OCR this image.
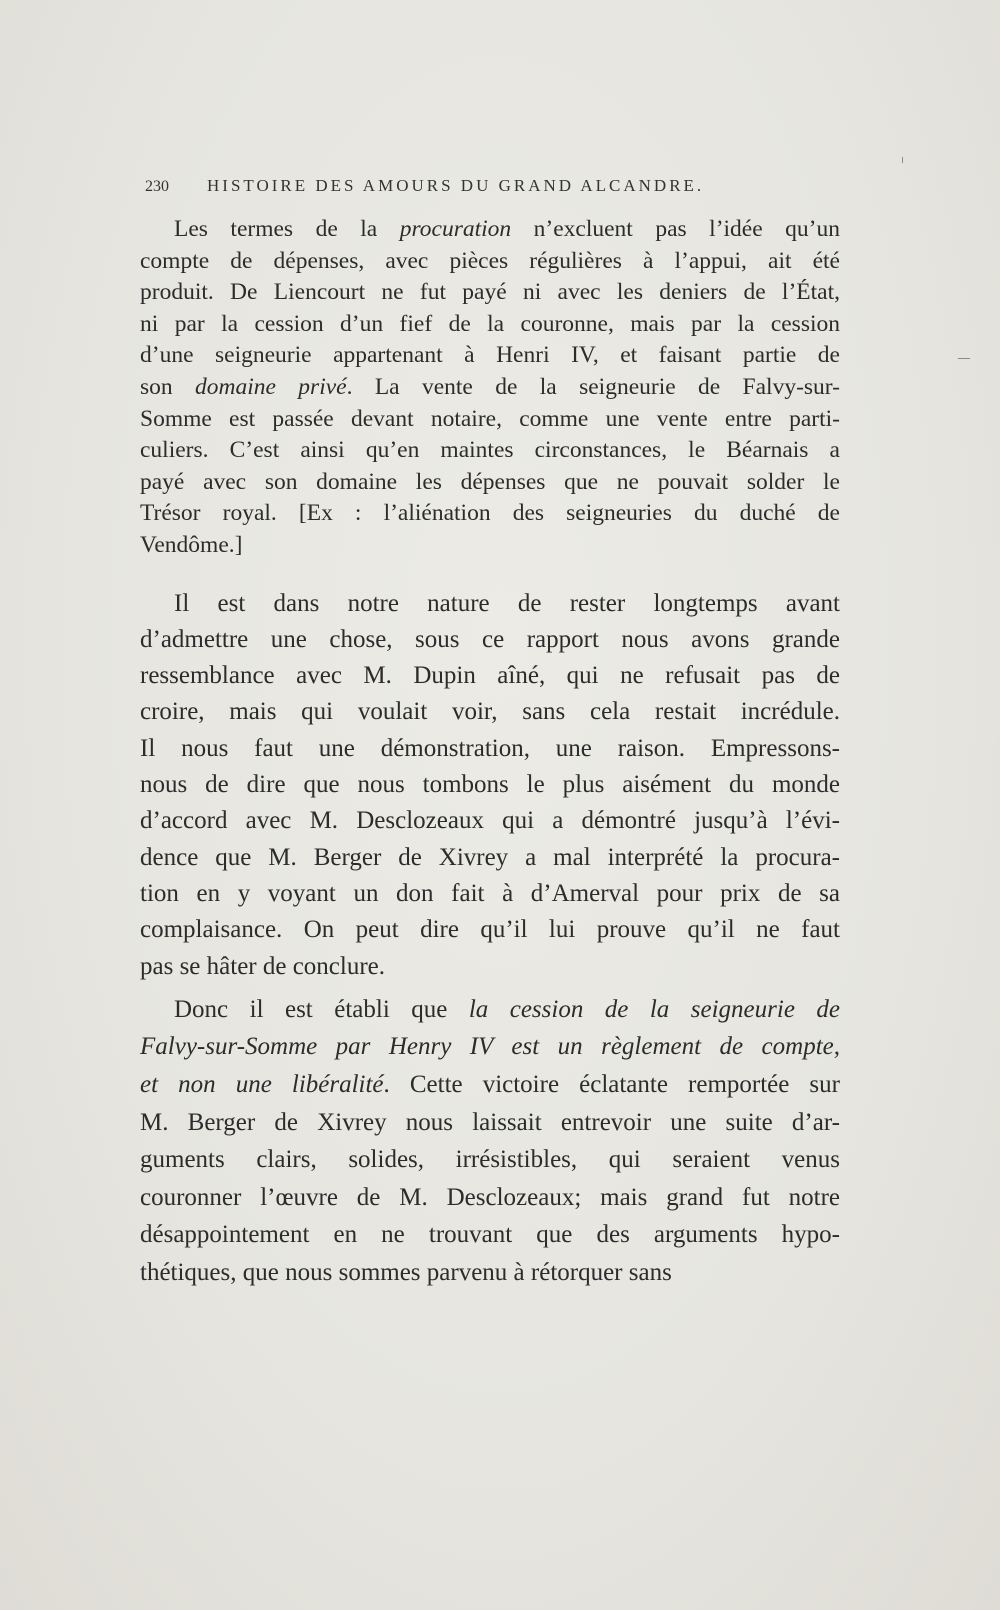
230 HISTOIRE DES AMOURS DU GRAND ALCANDRE.
Les termes de la procuration n’excluent pas l’idée qu’un
compte de dépenses, avec pièces régulières à l’appui, ait été
produit. De Liencourt ne fut payé ni avec les deniers de l’État,
ni par la cession d’un fief de la couronne, mais par la cession
d’une seigneurie appartenant à Henri IV, et faisant partie de
son domaine privé. La vente de la seigneurie de Falvy-sur-
Somme est passée devant notaire, comme une vente entre parti-
culiers. C’est ainsi qu’en maintes circonstances, le Béarnais a
payé avec son domaine les dépenses que ne pouvait solder le
Trésor royal. [Ex : l’aliénation des seigneuries du duché de
Vendôme.]
Il est dans notre nature de rester longtemps avant
d’admettre une chose, sous ce rapport nous avons grande
ressemblance avec M. Dupin aîné, qui ne refusait pas de
croire, mais qui voulait voir, sans cela restait incrédule.
Il nous faut une démonstration, une raison. Empressons-
nous de dire que nous tombons le plus aisément du monde
d’accord avec M. Desclozeaux qui a démontré jusqu’à l’évi-
dence que M. Berger de Xivrey a mal interprété la procura-
tion en y voyant un don fait à d’Amerval pour prix de sa
complaisance. On peut dire qu’il lui prouve qu’il ne faut
pas se hâter de conclure.
Donc il est établi que la cession de la seigneurie de
Falvy-sur-Somme par Henry IV est un règlement de compte,
et non une libéralité. Cette victoire éclatante remportée sur
M. Berger de Xivrey nous laissait entrevoir une suite d’ar-
guments clairs, solides, irrésistibles, qui seraient venus
couronner l’œuvre de M. Desclozeaux; mais grand fut notre
désappointement en ne trouvant que des arguments hypo-
thétiques, que nous sommes parvenu à rétorquer sans
